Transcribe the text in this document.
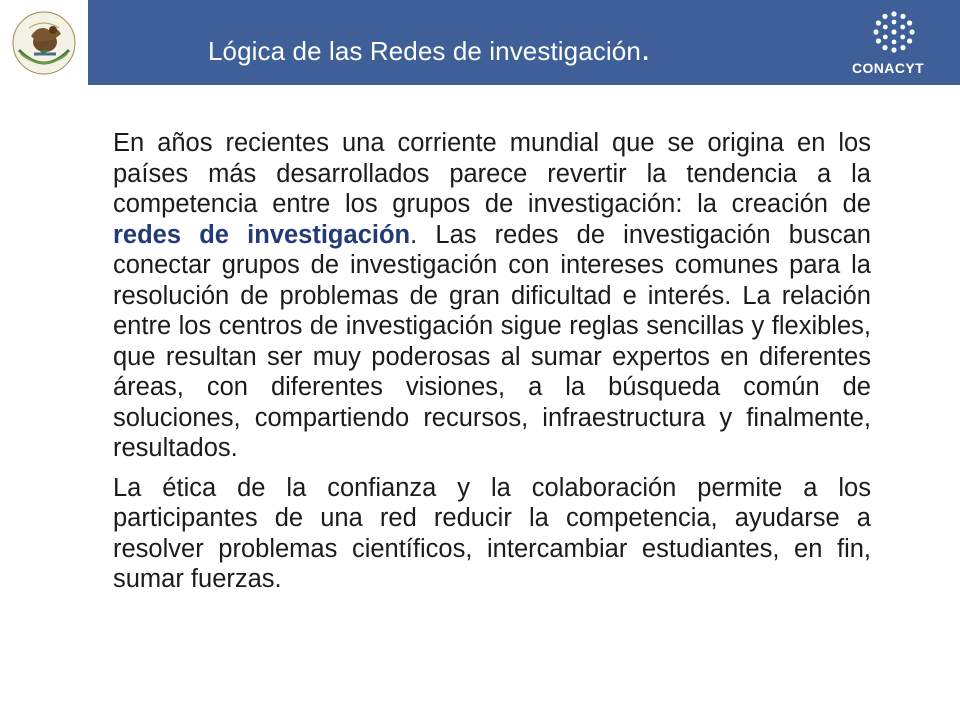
Lógica de las Redes de investigación.	CONACYT

En años recientes una corriente mundial que se origina en los países más desarrollados parece revertir la tendencia a la competencia entre los grupos de investigación: la creación de redes de investigación. Las redes de investigación buscan conectar grupos de investigación con intereses comunes para la resolución de problemas de gran dificultad e interés. La relación entre los centros de investigación sigue reglas sencillas y flexibles, que resultan ser muy poderosas al sumar expertos en diferentes áreas, con diferentes visiones, a la búsqueda común de soluciones, compartiendo recursos, infraestructura y finalmente, resultados.

La ética de la confianza y la colaboración permite a los participantes de una red reducir la competencia, ayudarse a resolver problemas científicos, intercambiar estudiantes, en fin, sumar fuerzas.
